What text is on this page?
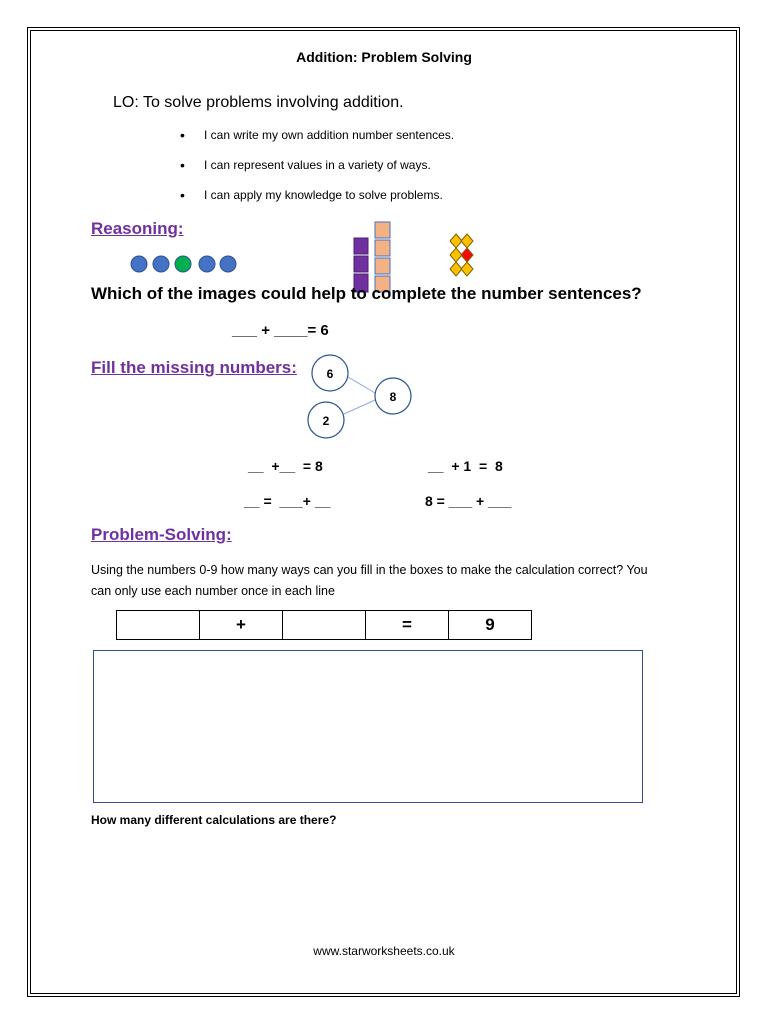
Addition: Problem Solving
LO: To solve problems involving addition.
• I can write my own addition number sentences.
• I can represent values in a variety of ways.
• I can apply my knowledge to solve problems.
Reasoning:
Which of the images could help to complete the number sentences?
___ + ____= 6
Fill the missing numbers: 6
2
8
__  +__  = 8	__  + 1  =  8
__ =  ___+ __	8 = ___ + ___
Problem-Solving:
Using the numbers 0-9 how many ways can you fill in the boxes to make the calculation correct? You can only use each number once in each line
	+		=	9
How many different calculations are there?
www.starworksheets.co.uk
